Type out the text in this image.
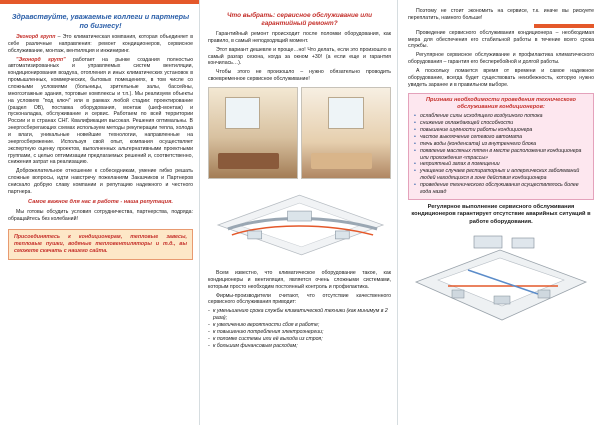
Здравствуйте, уважаемые коллеги и партнеры по бизнесу!

Эконорд групп – Это климатическая компания, которая объединяет в себе различные направления: ремонт кондиционеров, сервисное обслуживание, монтаж, вентиляция и инжиниринг.

"Эконорд групп" работает на рынке создания полностью автоматизированных и управляемых систем вентиляции, кондиционирования воздуха, отопления и иных климатических установок в промышленных, коммерческих, бытовых помещениях, в том числе со сложными условиями (больницы, зрительные залы, бассейны, многоэтажные здания, торговые комплексы и т.п.). Мы реализуем объекты на условиях "под ключ" или в рамках любой стадии: проектирование (раздел ОВ), поставка оборудования, монтаж (шеф-монтаж) и пусконаладка, обслуживание и сервис. Работаем по всей территории России и в странах СНГ. Квалификация высокая. Решения оптимальны. В энергосберегающих схемах используем методы рекуперации тепла, холода и влаги, уникальные новейшие технологии, направленные на энергосбережение. Используя свой опыт, компания осуществляет экспертную оценку проектов, выполненных альтернативными проектными группами, с целью оптимизации предлагаемых решений и, соответственно, снижения затрат на реализацию.

Доброжелательное отношение к собеседникам, умение гибко решать сложные вопросы, идти навстречу пожеланиям Заказчиков и Партнеров снискало добрую славу компании и репутацию надежного и честного партнера.

Самое важное для нас в работе - наша репутация.

Мы готовы обсудить условия сотрудничества, партнерства, подряда: обращайтесь без колебаний!

Присоединятесь к кондиционерам, тепловые завесы, тепловые пушки, водяные тепловентиляторы и т.д., вы сможете скачать с нашего сайта.

Что выбрать: сервисное обслуживание или гарантийный ремонт?

Гарантийный ремонт происходит после поломки оборудования, как правило, в самый неподходящий момент.

Этот вариант дешевле и проще…но! Что делать, если это произошло в самый разгар сезона, когда за окном +30! (а если еще и гарантия кончилась…).

Чтобы этого не произошло – нужно обязательно проводить своевременное сервисное обслуживание!

Всем известно, что климатическое оборудование такое, как кондиционеры и вентиляция, является очень сложными системами, которым просто необходим постоянный контроль и профилактика.

Фирмы-производители считают, что отсутствие качественного сервисного обслуживания приводит:

- к уменьшению срока службы климатической техники (как минимум в 2 раза);
- к увеличению вероятности сбоя в работе;
- к повышению потребления электроэнергии;
- к поломке системы или её выхода из строя;
- к большим финансовым расходам;

Поэтому не стоит экономить на сервисе, т.к. иначе вы рискуете переплатить, намного больше!

Проведение сервисного обслуживания кондиционера – необходимая мера для обеспечения его стабильной работы в течение всего срока службы.

Регулярное сервисное обслуживание и профилактика климатического оборудования – гарантия его бесперебойной и долгой работы.

А поскольку ломается время от времени и самое надежное оборудование, всегда будет существовать неизбежность, которую нужно увидеть заранее и в правильном выборе.

Признаки необходимости проведения технического обслуживания кондиционеров:
• ослабление силы исходящего воздушного потока
• снижение охлаждающей способности
• повышение шумности работы кондиционера
• частое выключение сетевого автомата
• течь воды (конденсата) из внутреннего блока
• появление масляных пятен в месте расположения кондиционера или прохождения «трассы»
• неприятный запах в помещении
• учащение случаев респираторных и аллергических заболеваний людей находящихся в зоне действия кондиционера
• проведение технического обслуживания осуществлялось более года назад
Регулярное выполнение сервисного обслуживания кондиционеров гарантирует отсутствие аварийных ситуаций в работе оборудования.
